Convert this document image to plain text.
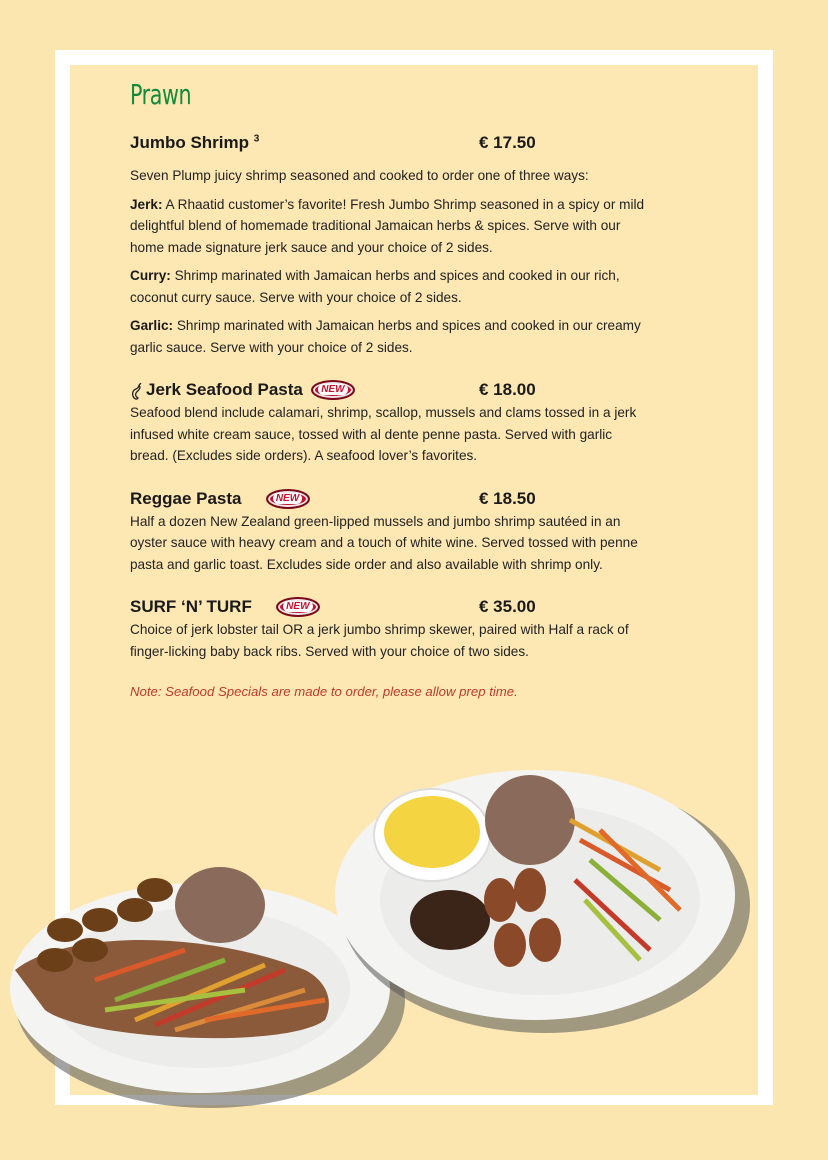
Prawn
Jumbo Shrimp $^3$	€ 17.50

Seven Plump juicy shrimp seasoned and cooked to order one of three ways:

Jerk: A Rhaatid customer’s favorite! Fresh Jumbo Shrimp seasoned in a spicy or mild delightful blend of homemade traditional Jamaican herbs & spices. Serve with our home made signature jerk sauce and your choice of 2 sides.

Curry: Shrimp marinated with Jamaican herbs and spices and cooked in our rich, coconut curry sauce. Serve with your choice of 2 sides.

Garlic: Shrimp marinated with Jamaican herbs and spices and cooked in our creamy garlic sauce. Serve with your choice of 2 sides.

Jerk Seafood Pasta	NEW	€ 18.00

Seafood blend include calamari, shrimp, scallop, mussels and clams tossed in a jerk infused white cream sauce, tossed with al dente penne pasta. Served with garlic bread. (Excludes side orders). A seafood lover’s favorites.

Reggae Pasta	NEW	€ 18.50

Half a dozen New Zealand green-lipped mussels and jumbo shrimp sautéed in an oyster sauce with heavy cream and a touch of white wine. Served tossed with penne pasta and garlic toast. Excludes side order and also available with shrimp only.

SURF ‘N’ TURF	NEW	€ 35.00

Choice of jerk lobster tail OR a jerk jumbo shrimp skewer, paired with Half a rack of finger-licking baby back ribs. Served with your choice of two sides.

Note: Seafood Specials are made to order, please allow prep time.
